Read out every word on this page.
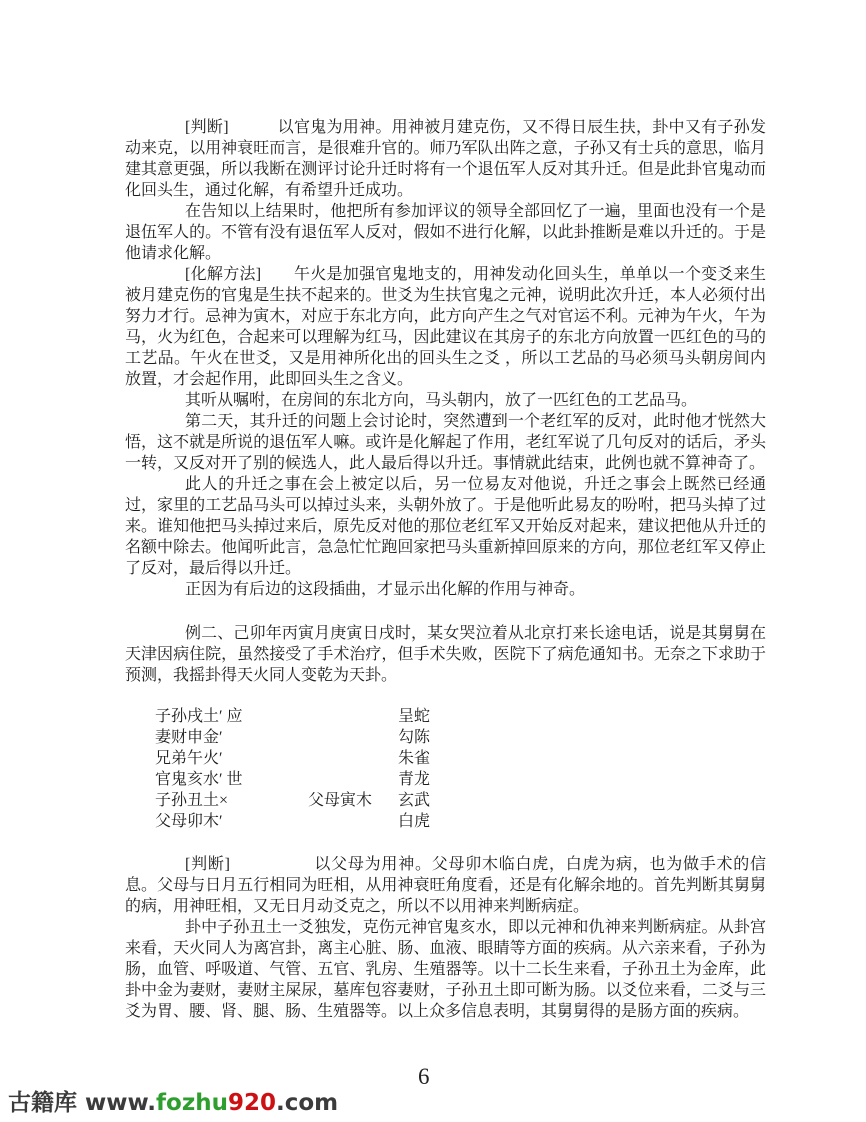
[判断]　　　以官鬼为用神。用神被月建克伤，又不得日辰生扶，卦中又有子孙发动来克，以用神衰旺而言，是很难升官的。师乃军队出阵之意，子孙又有士兵的意思，临月建其意更强，所以我断在测评讨论升迁时将有一个退伍军人反对其升迁。但是此卦官鬼动而化回头生，通过化解，有希望升迁成功。

在告知以上结果时，他把所有参加评议的领导全部回忆了一遍，里面也没有一个是退伍军人的。不管有没有退伍军人反对，假如不进行化解，以此卦推断是难以升迁的。于是他请求化解。

[化解方法]　　午火是加强官鬼地支的，用神发动化回头生，单单以一个变爻来生被月建克伤的官鬼是生扶不起来的。世爻为生扶官鬼之元神，说明此次升迁，本人必须付出努力才行。忌神为寅木，对应于东北方向，此方向产生之气对官运不利。元神为午火，午为马，火为红色，合起来可以理解为红马，因此建议在其房子的东北方向放置一匹红色的马的工艺品。午火在世爻，又是用神所化出的回头生之爻 ，所以工艺品的马必须马头朝房间内放置，才会起作用，此即回头生之含义。

其听从嘱咐，在房间的东北方向，马头朝内，放了一匹红色的工艺品马。

第二天，其升迁的问题上会讨论时，突然遭到一个老红军的反对，此时他才恍然大悟，这不就是所说的退伍军人嘛。或许是化解起了作用，老红军说了几句反对的话后，矛头一转，又反对开了别的候选人，此人最后得以升迁。事情就此结束，此例也就不算神奇了。

此人的升迁之事在会上被定以后，另一位易友对他说，升迁之事会上既然已经通过，家里的工艺品马头可以掉过头来，头朝外放了。于是他听此易友的吩咐，把马头掉了过来。谁知他把马头掉过来后，原先反对他的那位老红军又开始反对起来，建议把他从升迁的名额中除去。他闻听此言，急急忙忙跑回家把马头重新掉回原来的方向，那位老红军又停止了反对，最后得以升迁。

正因为有后边的这段插曲，才显示出化解的作用与神奇。

例二、己卯年丙寅月庚寅日戌时，某女哭泣着从北京打来长途电话，说是其舅舅在天津因病住院，虽然接受了手术治疗，但手术失败，医院下了病危通知书。无奈之下求助于预测，我摇卦得天火同人变乾为天卦。

子孙戌土′ 应	呈蛇
妻财申金′	勾陈
兄弟午火′	朱雀
官鬼亥水′ 世	青龙
子孙丑土×	父母寅木 玄武
父母卯木′	白虎

[判断]　　　　　以父母为用神。父母卯木临白虎，白虎为病，也为做手术的信息。父母与日月五行相同为旺相，从用神衰旺角度看，还是有化解余地的。首先判断其舅舅的病，用神旺相，又无日月动爻克之，所以不以用神来判断病症。

卦中子孙丑土一爻独发，克伤元神官鬼亥水，即以元神和仇神来判断病症。从卦宫来看，天火同人为离宫卦，离主心脏、肠、血液、眼睛等方面的疾病。从六亲来看，子孙为肠，血管、呼吸道、气管、五官、乳房、生殖器等。以十二长生来看，子孙丑土为金库，此卦中金为妻财，妻财主屎尿，墓库包容妻财，子孙丑土即可断为肠。以爻位来看，二爻与三爻为胃、腰、肾、腿、肠、生殖器等。以上众多信息表明，其舅舅得的是肠方面的疾病。

6
古籍库 www.fozhu920.com
